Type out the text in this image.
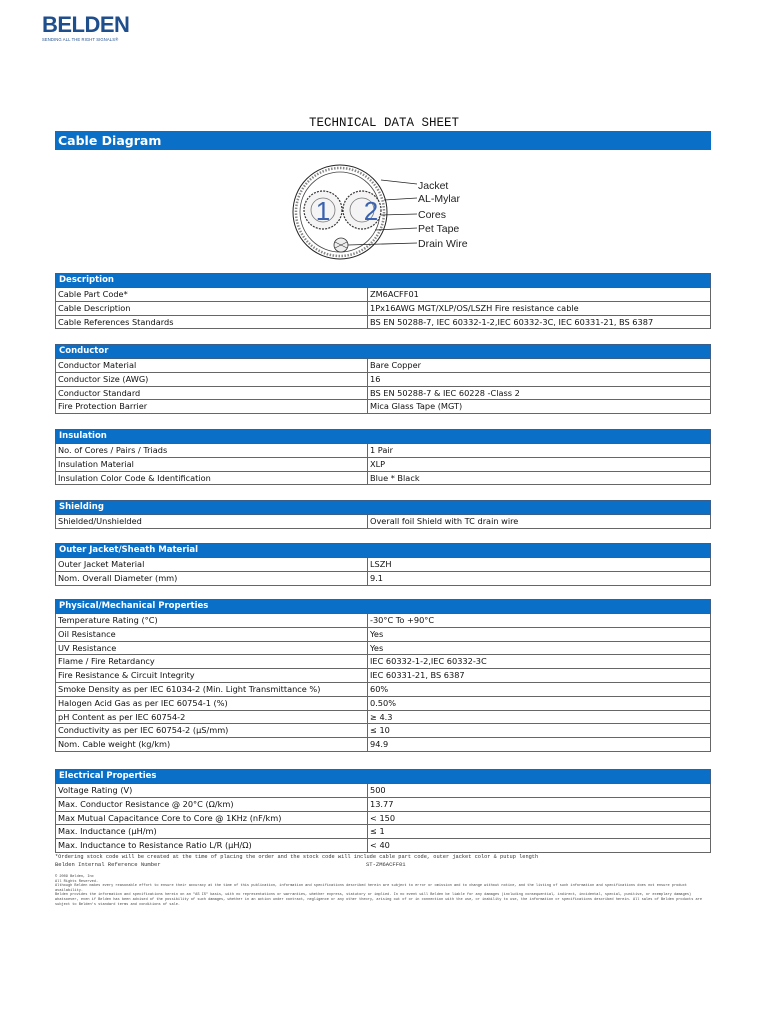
BELDEN
SENDING ALL THE RIGHT SIGNALS®
TECHNICAL DATA SHEET
Cable Diagram
1 2
Jacket
AL-Mylar
Cores
Pet Tape
Drain Wire
Description
Cable Part Code*	ZM6ACFF01
Cable Description	1Px16AWG MGT/XLP/OS/LSZH Fire resistance cable
Cable References Standards	BS EN 50288-7, IEC 60332-1-2,IEC 60332-3C, IEC 60331-21, BS 6387
Conductor
Conductor Material	Bare Copper
Conductor Size (AWG)	16
Conductor Standard	BS EN 50288-7 & IEC 60228 -Class 2
Fire Protection Barrier	Mica Glass Tape (MGT)
Insulation
No. of Cores / Pairs / Triads	1 Pair
Insulation Material	XLP
Insulation Color Code & Identification	Blue * Black
Shielding
Shielded/Unshielded	Overall foil Shield with TC drain wire
Outer Jacket/Sheath Material
Outer Jacket Material	LSZH
Nom. Overall Diameter (mm)	9.1
Physical/Mechanical Properties
Temperature Rating (°C)	-30°C To +90°C
Oil Resistance	Yes
UV Resistance	Yes
Flame / Fire Retardancy	IEC 60332-1-2,IEC 60332-3C
Fire Resistance & Circuit Integrity	IEC 60331-21, BS 6387
Smoke Density as per IEC 61034-2 (Min. Light Transmittance %)	60%
Halogen Acid Gas as per IEC 60754-1 (%)	0.50%
pH Content as per IEC 60754-2	≥ 4.3
Conductivity as per IEC 60754-2 (µS/mm)	≤ 10
Nom. Cable weight (kg/km)	94.9
Electrical Properties
Voltage Rating (V)	500
Max. Conductor Resistance @ 20°C (Ω/km)	13.77
Max Mutual Capacitance Core to Core @ 1KHz (nF/km)	< 150
Max. Inductance (µH/m)	≤ 1
Max. Inductance to Resistance Ratio L/R (µH/Ω)	< 40
*Ordering stock code will be created at the time of placing the order and the stock code will include cable part code, outer jacket color & putup length
Belden Internal Reference Number	ST-ZM6ACFF01
© 2009 Belden, Inc
All Rights Reserved.
Although Belden makes every reasonable effort to ensure their accuracy at the time of this publication, information and specifications described herein are subject to error or omission and to change without notice, and the listing of such information and specifications does not ensure product availability.
Belden provides the information and specifications herein on an "AS IS" basis, with no representations or warranties, whether express, statutory or implied. In no event will Belden be liable for any damages (including consequential, indirect, incidental, special, punitive, or exemplary damages) whatsoever, even if Belden has been advised of the possibility of such damages, whether in an action under contract, negligence or any other theory, arising out of or in connection with the use, or inability to use, the information or specifications described herein. All sales of Belden products are subject to Belden's standard terms and conditions of sale.
